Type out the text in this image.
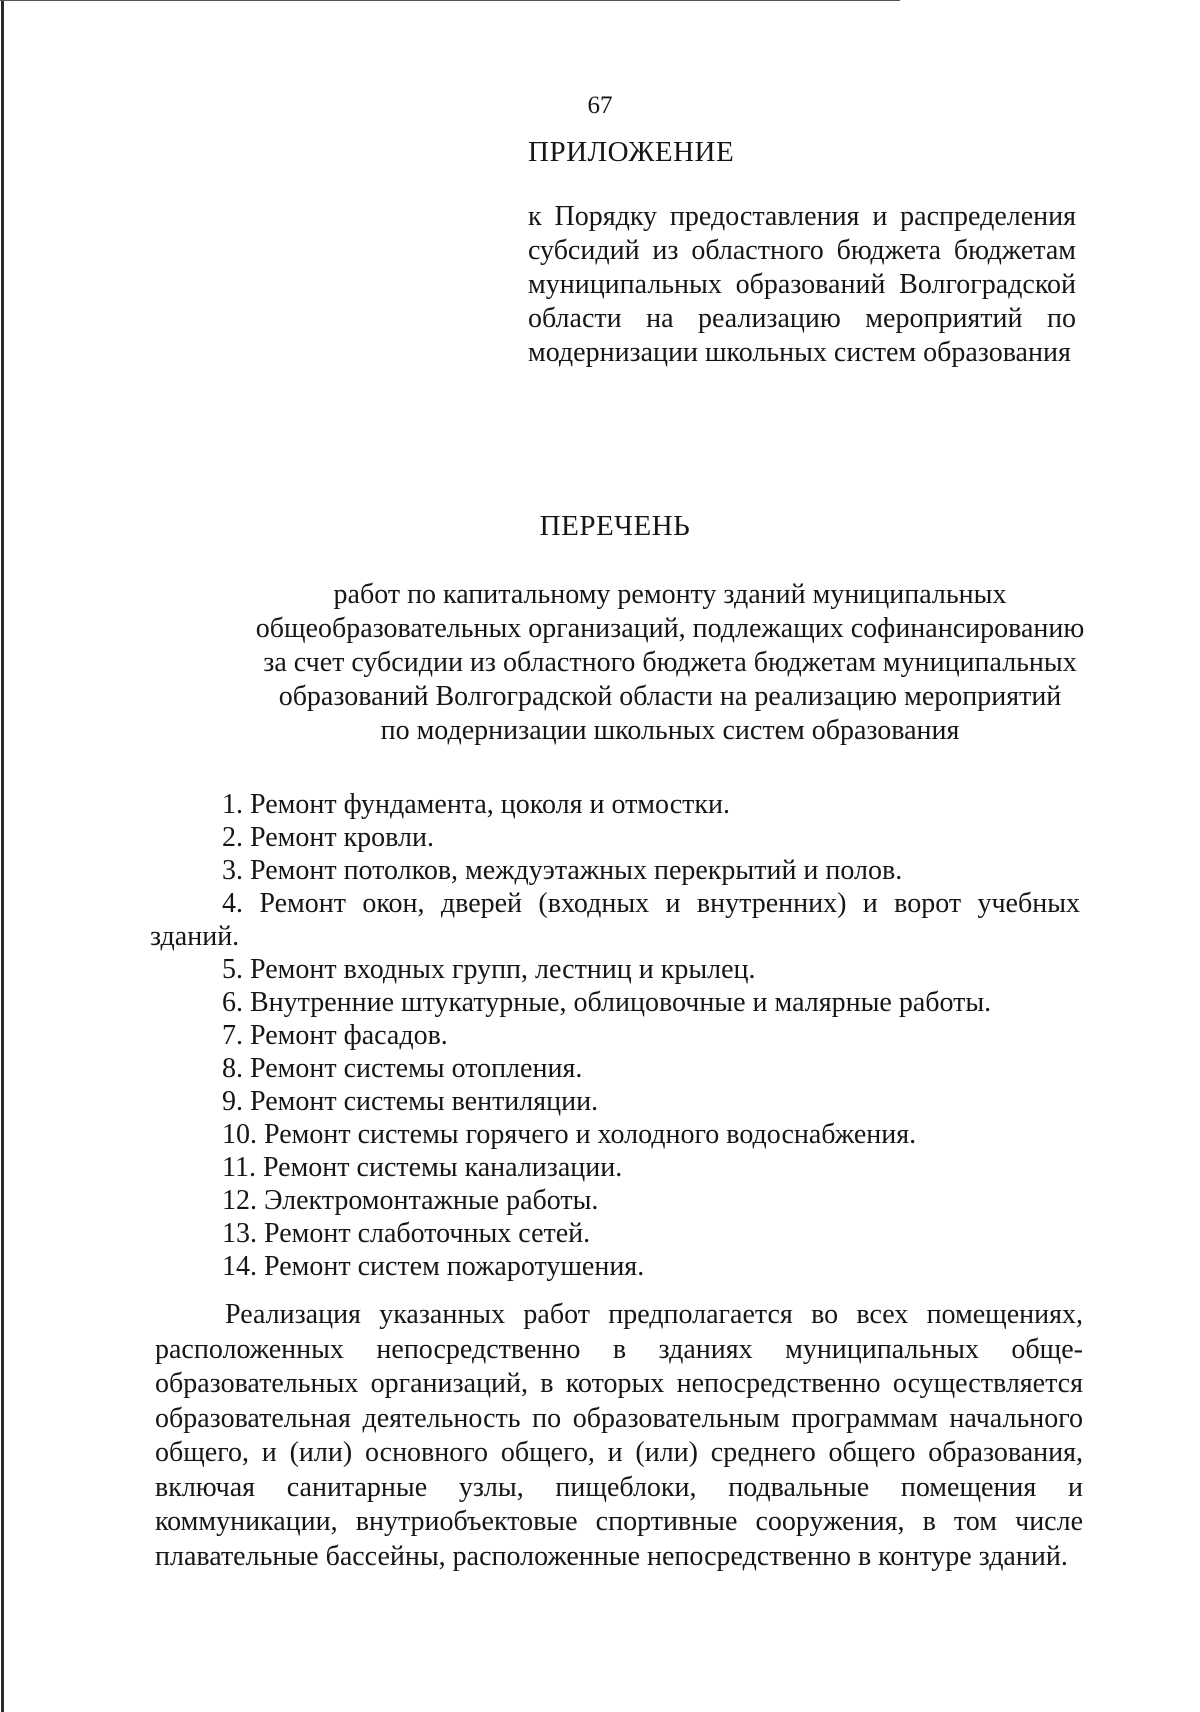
67
ПРИЛОЖЕНИЕ
к Порядку предоставления и распределения субсидий из областного бюджета бюджетам муниципальных образований Волгоградской области на реализацию мероприятий по модернизации школьных систем образования
ПЕРЕЧЕНЬ
работ по капитальному ремонту зданий муниципальных
общеобразовательных организаций, подлежащих софинансированию
за счет субсидии из областного бюджета бюджетам муниципальных
образований Волгоградской области на реализацию мероприятий
по модернизации школьных систем образования

1. Ремонт фундамента, цоколя и отмостки.

2. Ремонт кровли.

3. Ремонт потолков, междуэтажных перекрытий и полов.

4. Ремонт окон, дверей (входных и внутренних) и ворот учебных зданий.

5. Ремонт входных групп, лестниц и крылец.

6. Внутренние штукатурные, облицовочные и малярные работы.

7. Ремонт фасадов.

8. Ремонт системы отопления.

9. Ремонт системы вентиляции.

10. Ремонт системы горячего и холодного водоснабжения.

11. Ремонт системы канализации.

12. Электромонтажные работы.

13. Ремонт слаботочных сетей.

14. Ремонт систем пожаротушения.

Реализация указанных работ предполагается во всех помещениях, расположенных непосредственно в зданиях муниципальных обще-образовательных организаций, в которых непосредственно осуществляется образовательная деятельность по образовательным программам начального общего, и (или) основного общего, и (или) среднего общего образования, включая санитарные узлы, пищеблоки, подвальные помещения и коммуникации, внутриобъектовые спортивные сооружения, в том числе плавательные бассейны, расположенные непосредственно в контуре зданий.
